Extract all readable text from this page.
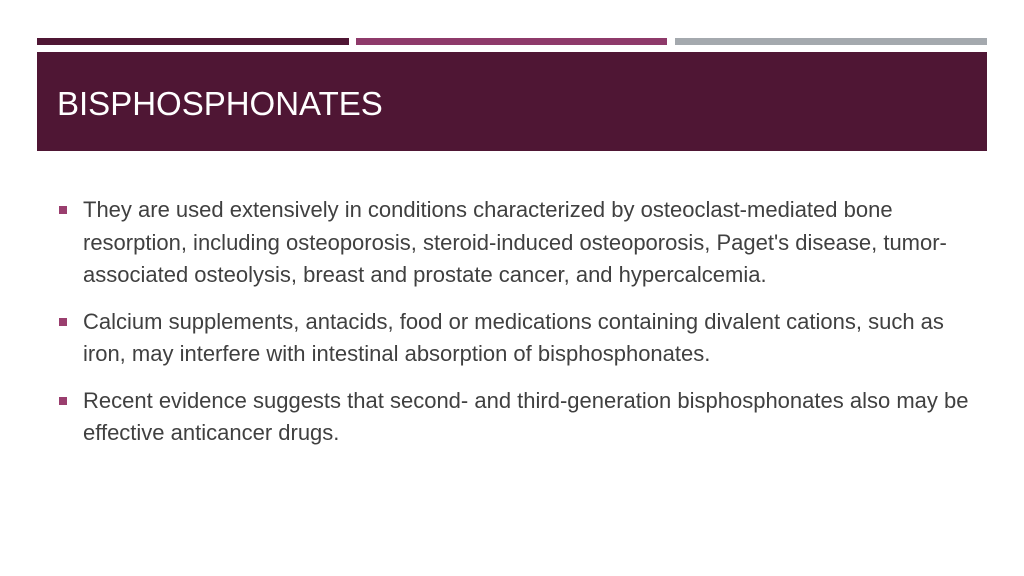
BISPHOSPHONATES
They are used extensively in conditions characterized by osteoclast-mediated bone resorption, including osteoporosis, steroid-induced osteoporosis, Paget's disease, tumor-associated osteolysis, breast and prostate cancer, and hypercalcemia.
Calcium supplements, antacids, food or medications containing divalent cations, such as iron, may interfere with intestinal absorption of bisphosphonates.
Recent evidence suggests that second- and third-generation bisphosphonates also may be effective anticancer drugs.
